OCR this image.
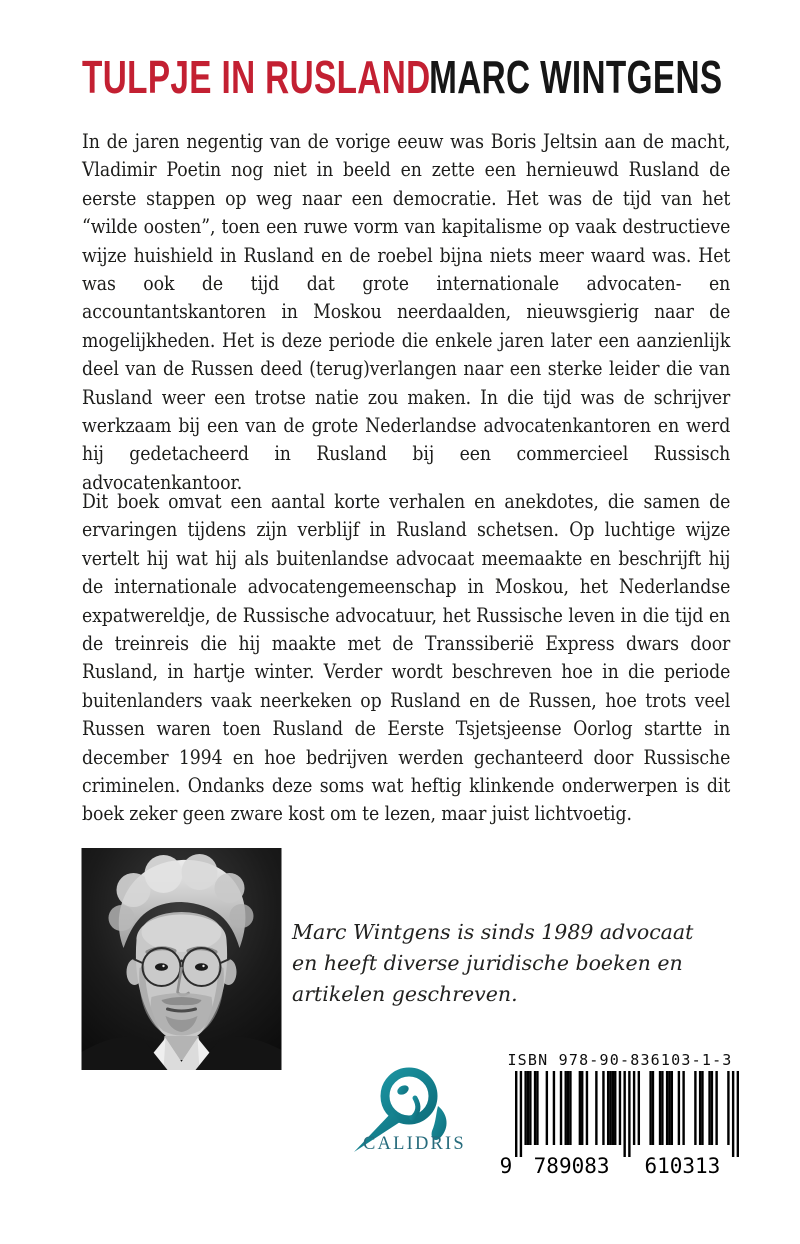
TULPJE IN RUSLAND
MARC WINTGENS

In de jaren negentig van de vorige eeuw was Boris Jeltsin aan de macht, Vladimir Poetin nog niet in beeld en zette een hernieuwd Rusland de eerste stappen op weg naar een democratie. Het was de tijd van het “wilde oosten”, toen een ruwe vorm van kapitalisme op vaak destructieve wijze huishield in Rusland en de roebel bijna niets meer waard was. Het was ook de tijd dat grote internationale advocaten- en accountantskantoren in Moskou neerdaalden, nieuwsgierig naar de mogelijkheden. Het is deze periode die enkele jaren later een aanzienlijk deel van de Russen deed (terug)verlangen naar een sterke leider die van Rusland weer een trotse natie zou maken. In die tijd was de schrijver werkzaam bij een van de grote Nederlandse advocatenkantoren en werd hij gedetacheerd in Rusland bij een commercieel Russisch advocatenkantoor.

Dit boek omvat een aantal korte verhalen en anekdotes, die samen de ervaringen tijdens zijn verblijf in Rusland schetsen. Op luchtige wijze vertelt hij wat hij als buitenlandse advocaat meemaakte en beschrijft hij de internationale advocatengemeenschap in Moskou, het Nederlandse expatwereldje, de Russische advocatuur, het Russische leven in die tijd en de treinreis die hij maakte met de Transsiberië Express dwars door Rusland, in hartje winter. Verder wordt beschreven hoe in die periode buitenlanders vaak neerkeken op Rusland en de Russen, hoe trots veel Russen waren toen Rusland de Eerste Tsjetsjeense Oorlog startte in december 1994 en hoe bedrijven werden gechanteerd door Russische criminelen. Ondanks deze soms wat heftig klinkende onderwerpen is dit boek zeker geen zware kost om te lezen, maar juist lichtvoetig.

Marc Wintgens is sinds 1989 advocaat en heeft diverse juridische boeken en artikelen geschreven.

CALIDRIS
ISBN 978-90-836103-1-3
9 789083 610313
